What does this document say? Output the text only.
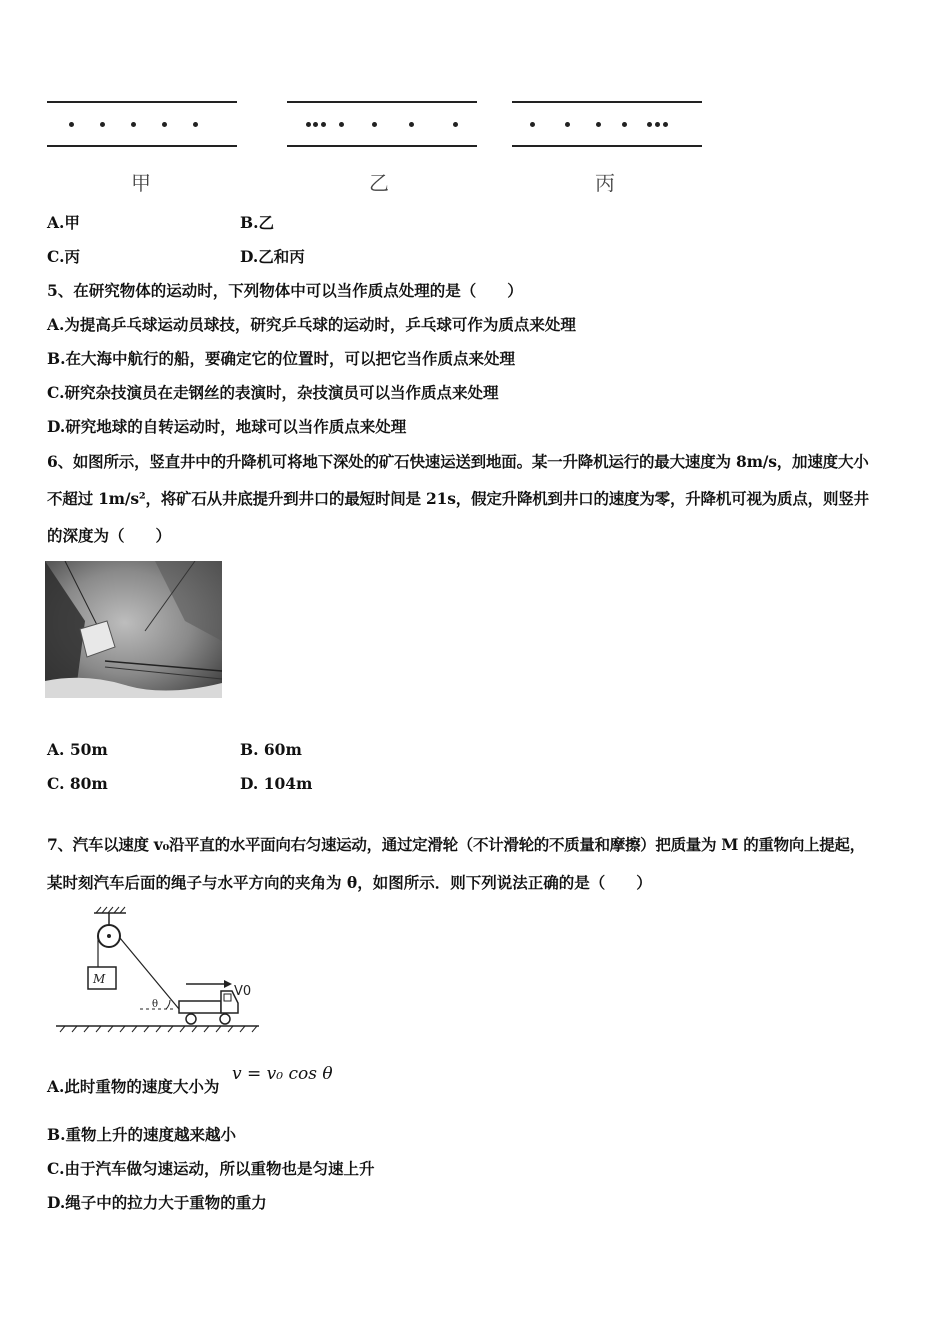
甲	乙	丙
A.甲	B.乙
C.丙	D.乙和丙
5、在研究物体的运动时，下列物体中可以当作质点处理的是（　　）
A.为提高乒乓球运动员球技，研究乒乓球的运动时，乒乓球可作为质点来处理
B.在大海中航行的船，要确定它的位置时，可以把它当作质点来处理
C.研究杂技演员在走钢丝的表演时，杂技演员可以当作质点来处理
D.研究地球的自转运动时，地球可以当作质点来处理
6、如图所示，竖直井中的升降机可将地下深处的矿石快速运送到地面。某一升降机运行的最大速度为 8m/s，加速度大小
不超过 1m/s²，将矿石从井底提升到井口的最短时间是 21s，假定升降机到井口的速度为零，升降机可视为质点，则竖井
的深度为（　　）
A. 50m	B. 60m
C. 80m	D. 104m
7、汽车以速度 v₀沿平直的水平面向右匀速运动，通过定滑轮（不计滑轮的不质量和摩擦）把质量为 M 的重物向上提起，
某时刻汽车后面的绳子与水平方向的夹角为 θ，如图所示．则下列说法正确的是（　　）
M
V0
θ
A.此时重物的速度大小为
v = v₀ cos θ
B.重物上升的速度越来越小
C.由于汽车做匀速运动，所以重物也是匀速上升
D.绳子中的拉力大于重物的重力
